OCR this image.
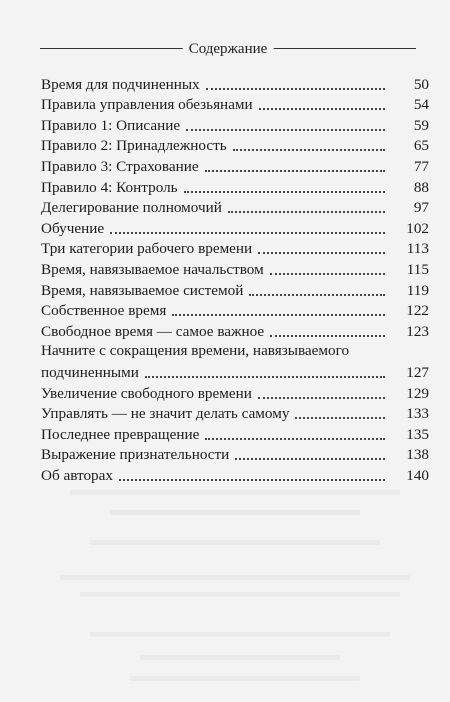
Содержание
Время для подчиненных	50
Правила управления обезьянами	54
Правило 1: Описание	59
Правило 2: Принадлежность	65
Правило 3: Страхование	77
Правило 4: Контроль	88
Делегирование полномочий	97
Обучение	102
Три категории рабочего времени	113
Время, навязываемое начальством	115
Время, навязываемое системой	119
Собственное время	122
Свободное время — самое важное	123
Начните с сокращения времени, навязываемого
подчиненными	127
Увеличение свободного времени	129
Управлять — не значит делать самому	133
Последнее превращение	135
Выражение признательности	138
Об авторах	140
